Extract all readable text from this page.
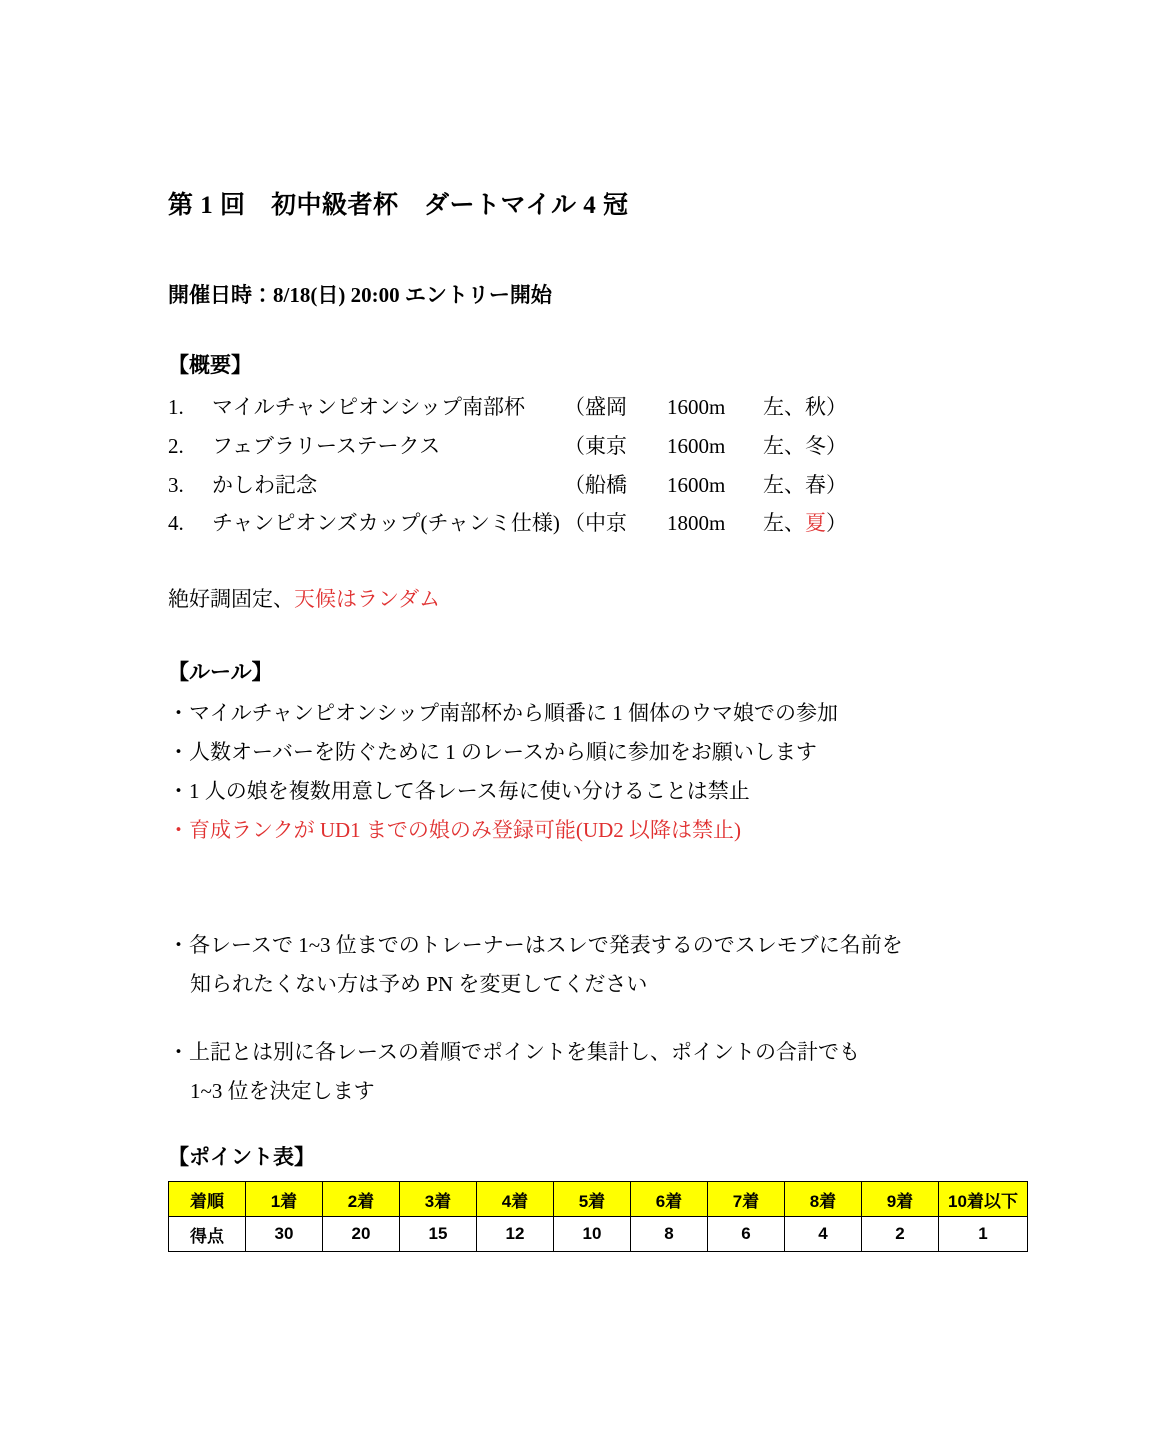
第 1 回　初中級者杯　ダートマイル 4 冠

開催日時：8/18(日) 20:00 エントリー開始

【概要】
1.	マイルチャンピオンシップ南部杯	（ 盛岡	1600m	左、秋 ）
2.	フェブラリーステークス	（ 東京	1600m	左、冬 ）
3.	かしわ記念	（ 船橋	1600m	左、春 ）
4.	チャンピオンズカップ(チャンミ仕様) （ 中京	1800m	左、 夏 ）

絶好調固定、天候はランダム

【ルール】

・マイルチャンピオンシップ南部杯から順番に 1 個体のウマ娘での参加

・人数オーバーを防ぐために 1 のレースから順に参加をお願いします

・1 人の娘を複数用意して各レース毎に使い分けることは禁止

・育成ランクが UD1 までの娘のみ登録可能(UD2 以降は禁止)

・各レースで 1~3 位までのトレーナーはスレで発表するのでスレモブに名前を

知られたくない方は予め PN を変更してください

・上記とは別に各レースの着順でポイントを集計し、ポイントの合計でも

1~3 位を決定します

【ポイント表】
着順	1着	2着	3着	4着	5着	6着	7着	8着	9着	10着以下
得点	30	20	15	12	10	8	6	4	2	1
